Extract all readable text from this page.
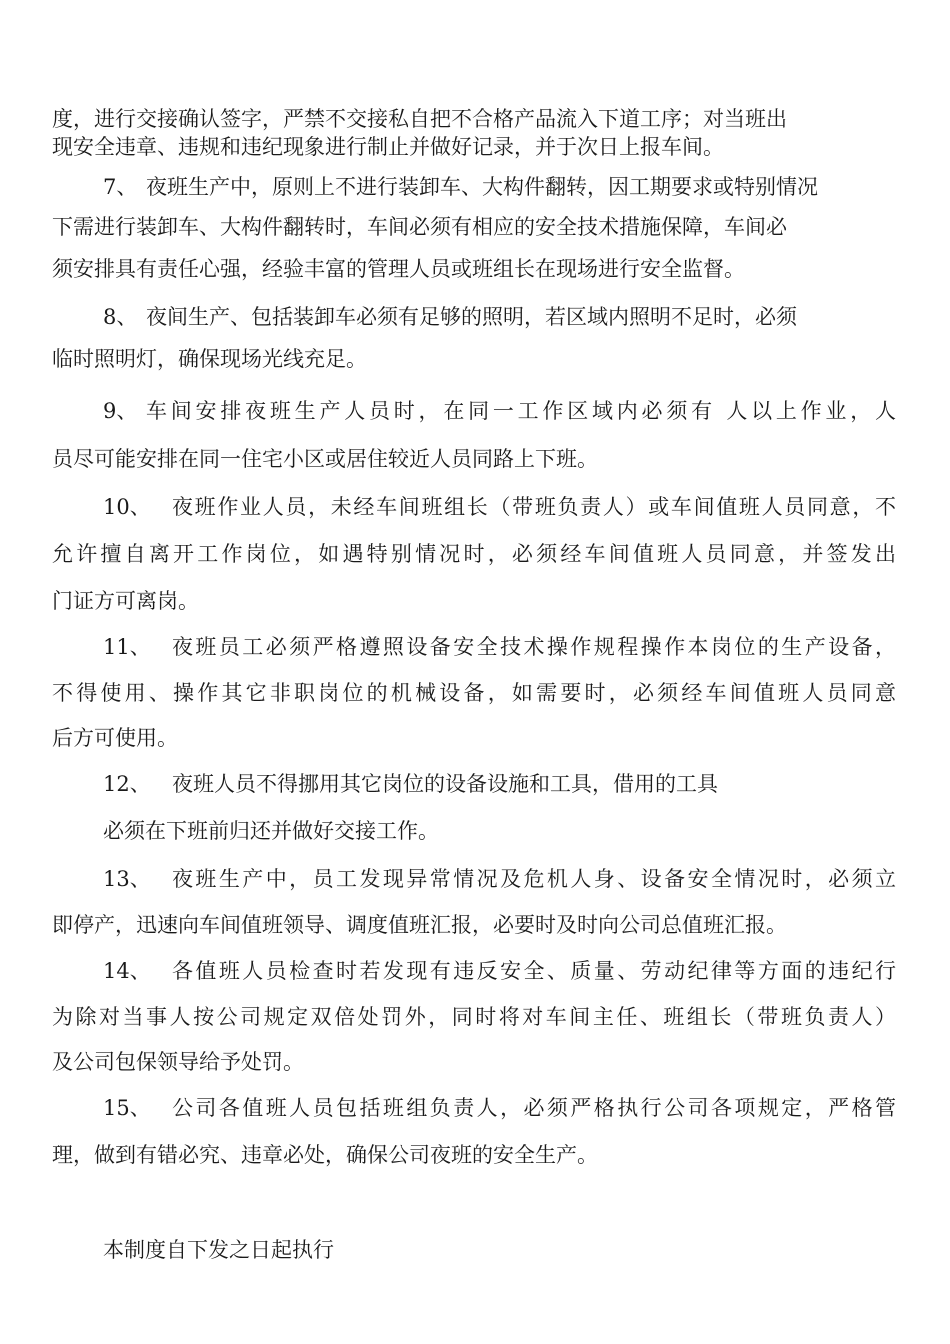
度，进行交接确认签字，严禁不交接私自把不合格产品流入下道工序；对当班出
现安全违章、违规和违纪现象进行制止并做好记录，并于次日上报车间。
7、 夜班生产中，原则上不进行装卸车、大构件翻转，因工期要求或特别情况
下需进行装卸车、大构件翻转时，车间必须有相应的安全技术措施保障，车间必
须安排具有责任心强，经验丰富的管理人员或班组长在现场进行安全监督。
8、 夜间生产、包括装卸车必须有足够的照明，若区域内照明不足时，必须
临时照明灯，确保现场光线充足。
9、 车间安排夜班生产人员时，在同一工作区域内必须有 人以上作业，人
员尽可能安排在同一住宅小区或居住较近人员同路上下班。
10、 夜班作业人员，未经车间班组长（带班负责人）或车间值班人员同意，不
允许擅自离开工作岗位，如遇特别情况时，必须经车间值班人员同意，并签发出
门证方可离岗。
11、 夜班员工必须严格遵照设备安全技术操作规程操作本岗位的生产设备，
不得使用、操作其它非职岗位的机械设备，如需要时，必须经车间值班人员同意
后方可使用。
12、 夜班人员不得挪用其它岗位的设备设施和工具，借用的工具
必须在下班前归还并做好交接工作。
13、 夜班生产中，员工发现异常情况及危机人身、设备安全情况时，必须立
即停产，迅速向车间值班领导、调度值班汇报，必要时及时向公司总值班汇报。
14、 各值班人员检查时若发现有违反安全、质量、劳动纪律等方面的违纪行
为除对当事人按公司规定双倍处罚外，同时将对车间主任、班组长（带班负责人）
及公司包保领导给予处罚。
15、 公司各值班人员包括班组负责人，必须严格执行公司各项规定，严格管
理，做到有错必究、违章必处，确保公司夜班的安全生产。
本制度自下发之日起执行
